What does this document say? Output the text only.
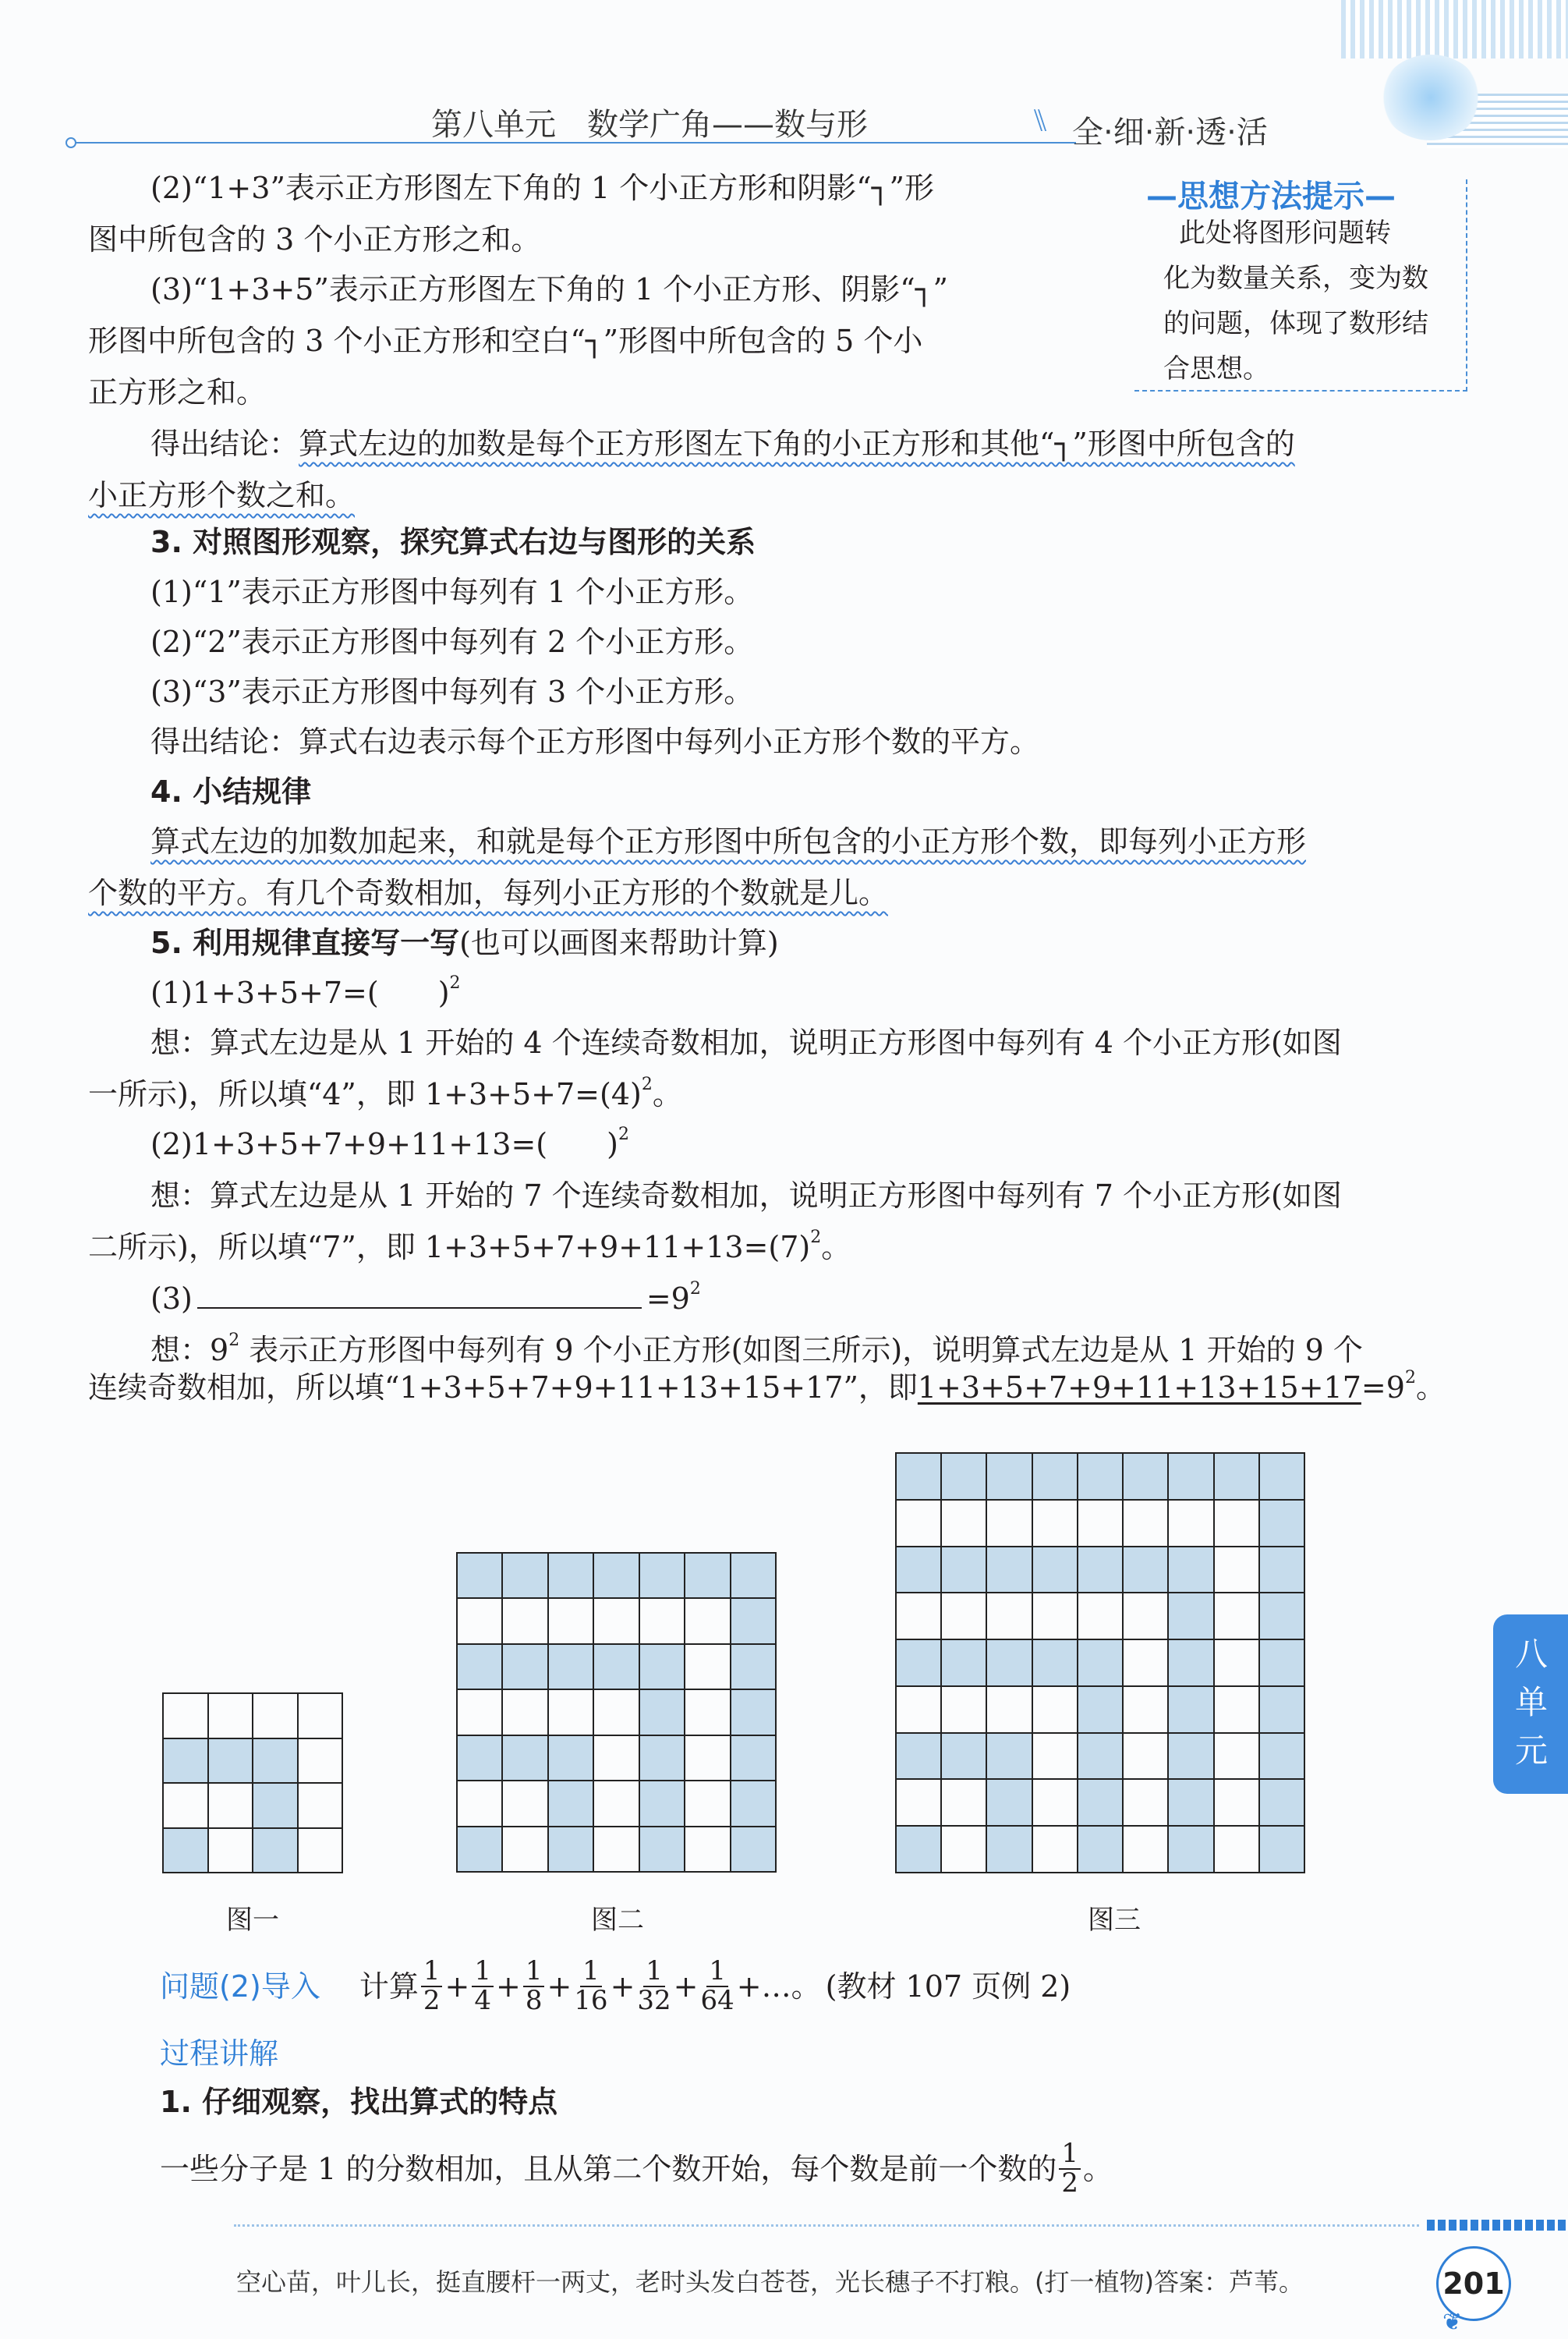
第八单元　数学广角——数与形	⑊ 全·细·新·透·活
—思想方法提示—
此处将图形问题转
化为数量关系，变为数
的问题，体现了数形结
合思想。
(2)“1+3”表示正方形图左下角的 1 个小正方形和阴影“┐”形
图中所包含的 3 个小正方形之和。
(3)“1+3+5”表示正方形图左下角的 1 个小正方形、阴影“┐”
形图中所包含的 3 个小正方形和空白“┐”形图中所包含的 5 个小
正方形之和。
得出结论：算式左边的加数是每个正方形图左下角的小正方形和其他“┐”形图中所包含的
小正方形个数之和。
3. 对照图形观察，探究算式右边与图形的关系
(1)“1”表示正方形图中每列有 1 个小正方形。
(2)“2”表示正方形图中每列有 2 个小正方形。
(3)“3”表示正方形图中每列有 3 个小正方形。
得出结论：算式右边表示每个正方形图中每列小正方形个数的平方。
4. 小结规律
算式左边的加数加起来，和就是每个正方形图中所包含的小正方形个数，即每列小正方形
个数的平方。有几个奇数相加，每列小正方形的个数就是儿。
5. 利用规律直接写一写(也可以画图来帮助计算)
(1)1+3+5+7=(　　)$^2$
想：算式左边是从 1 开始的 4 个连续奇数相加，说明正方形图中每列有 4 个小正方形(如图
一所示)，所以填“4”，即 $1+3+5+7=(4)^2$。
(2)1+3+5+7+9+11+13=(　　)$^2$
想：算式左边是从 1 开始的 7 个连续奇数相加，说明正方形图中每列有 7 个小正方形(如图
二所示)，所以填“7”，即 $1+3+5+7+9+11+13=(7)^2$。
(3)	$=9^2$
想：$9^2$ 表示正方形图中每列有 9 个小正方形(如图三所示)，说明算式左边是从 1 开始的 9 个
连续奇数相加，所以填“1+3+5+7+9+11+13+15+17”，即$1+3+5+7+9+11+13+15+17=9^2$。
图一	图二	图三
问题(2)导入 计算 $\frac{1}{2} + \frac{1}{4} + \frac{1}{8} + \frac{1}{16} + \frac{1}{32} + \frac{1}{64}$ +…。 (教材 107 页例 2)
过程讲解
1. 仔细观察，找出算式的特点
一些分子是 1 的分数相加，且从第二个数开始，每个数是前一个数的 $\frac{1}{2}$ 。
八单元
空心苗，叶儿长，挺直腰杆一两丈，老时头发白苍苍，光长穗子不打粮。(打一植物)答案：芦苇。	201
❦
